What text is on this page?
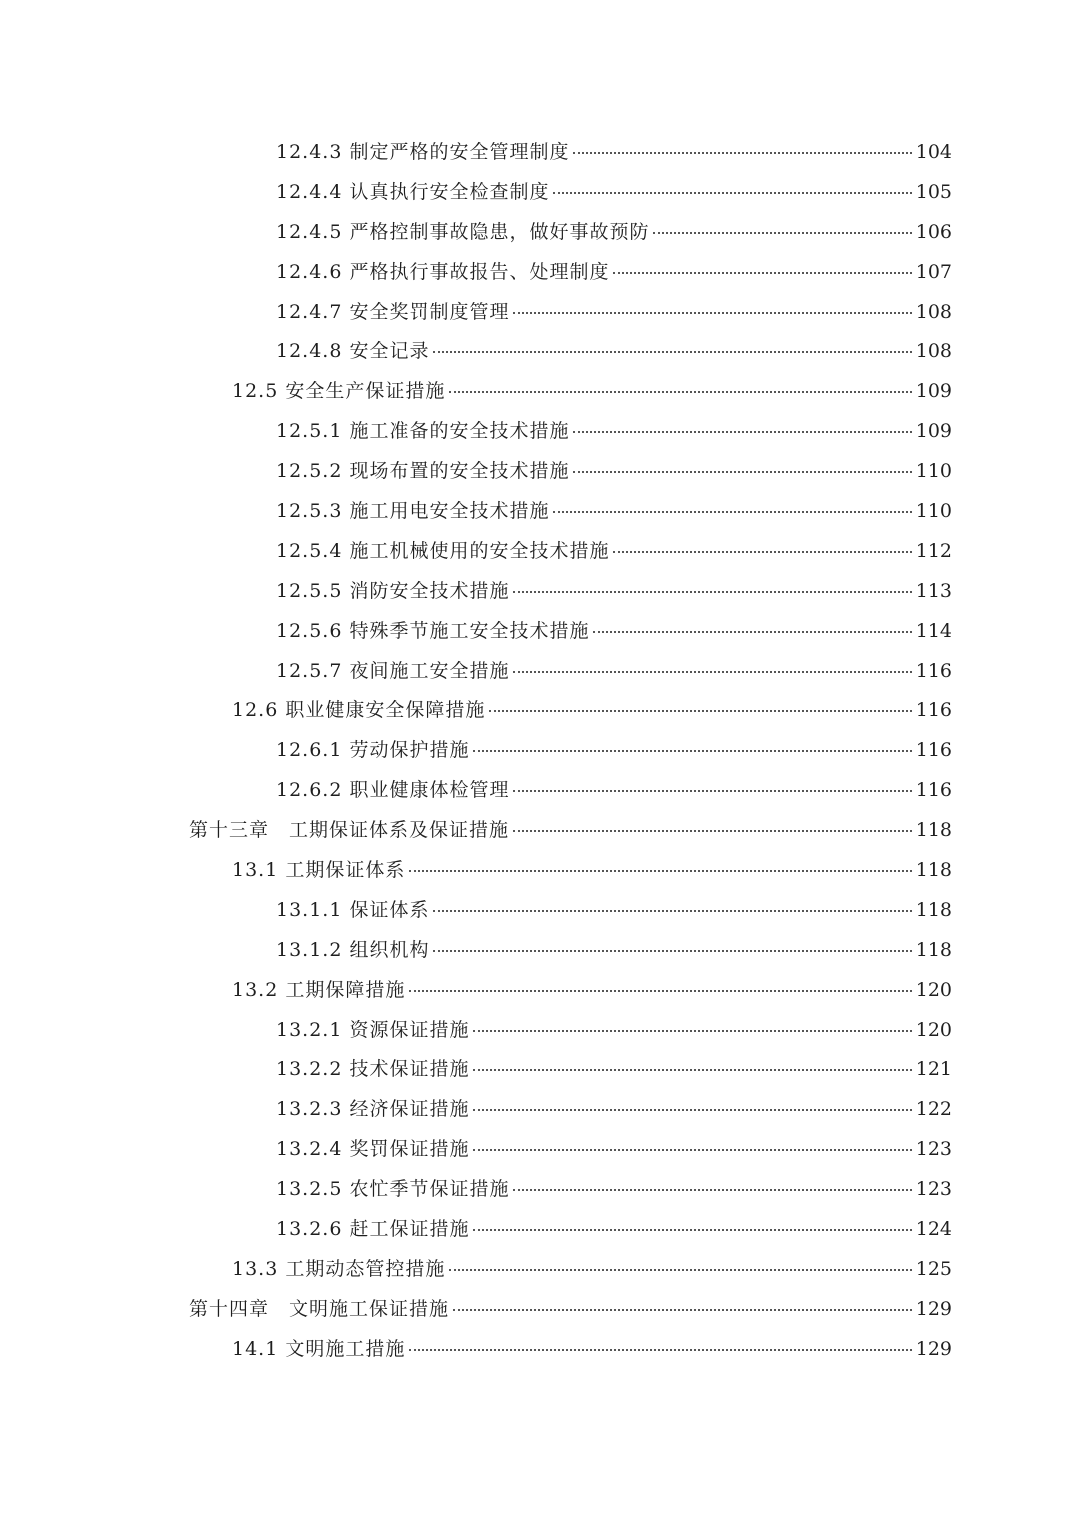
12.4.3 制定严格的安全管理制度	104
12.4.4 认真执行安全检查制度	105
12.4.5 严格控制事故隐患，做好事故预防	106
12.4.6 严格执行事故报告、处理制度	107
12.4.7 安全奖罚制度管理	108
12.4.8 安全记录	108
12.5 安全生产保证措施	109
12.5.1 施工准备的安全技术措施	109
12.5.2 现场布置的安全技术措施	110
12.5.3 施工用电安全技术措施	110
12.5.4 施工机械使用的安全技术措施	112
12.5.5 消防安全技术措施	113
12.5.6 特殊季节施工安全技术措施	114
12.5.7 夜间施工安全措施	116
12.6 职业健康安全保障措施	116
12.6.1 劳动保护措施	116
12.6.2 职业健康体检管理	116
第十三章　工期保证体系及保证措施	118
13.1 工期保证体系	118
13.1.1 保证体系	118
13.1.2 组织机构	118
13.2 工期保障措施	120
13.2.1 资源保证措施	120
13.2.2 技术保证措施	121
13.2.3 经济保证措施	122
13.2.4 奖罚保证措施	123
13.2.5 农忙季节保证措施	123
13.2.6 赶工保证措施	124
13.3 工期动态管控措施	125
第十四章　文明施工保证措施	129
14.1 文明施工措施	129
